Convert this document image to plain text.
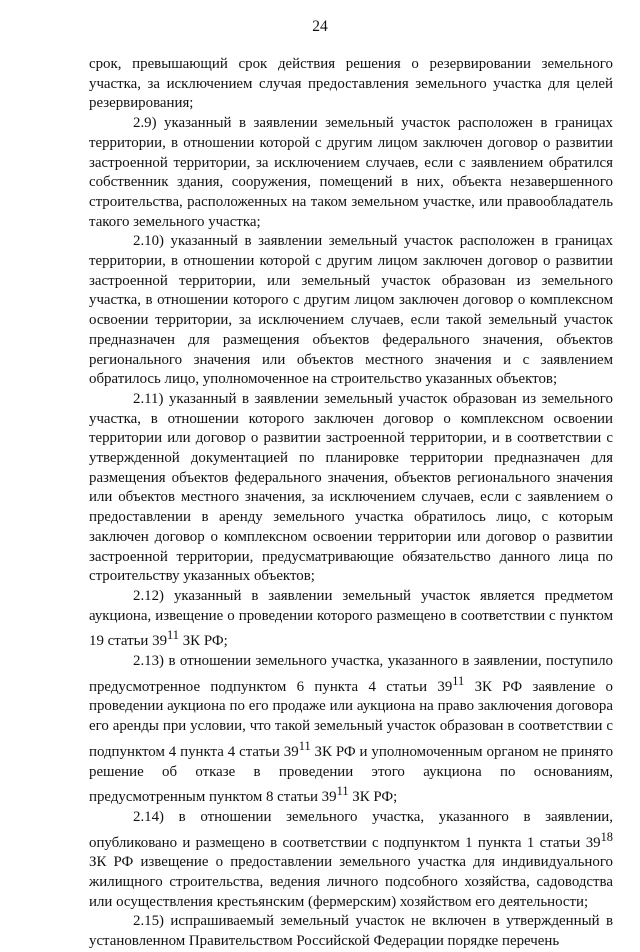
24

срок, превышающий срок действия решения о резервировании земельного участка, за исключением случая предоставления земельного участка для целей резервирования;

2.9) указанный в заявлении земельный участок расположен в границах территории, в отношении которой с другим лицом заключен договор о развитии застроенной территории, за исключением случаев, если с заявлением обратился собственник здания, сооружения, помещений в них, объекта незавершенного строительства, расположенных на таком земельном участке, или правообладатель такого земельного участка;

2.10) указанный в заявлении земельный участок расположен в границах территории, в отношении которой с другим лицом заключен договор о развитии застроенной территории, или земельный участок образован из земельного участка, в отношении которого с другим лицом заключен договор о комплексном освоении территории, за исключением случаев, если такой земельный участок предназначен для размещения объектов федерального значения, объектов регионального значения или объектов местного значения и с заявлением обратилось лицо, уполномоченное на строительство указанных объектов;

2.11) указанный в заявлении земельный участок образован из земельного участка, в отношении которого заключен договор о комплексном освоении территории или договор о развитии застроенной территории, и в соответствии с утвержденной документацией по планировке территории предназначен для размещения объектов федерального значения, объектов регионального значения или объектов местного значения, за исключением случаев, если с заявлением о предоставлении в аренду земельного участка обратилось лицо, с которым заключен договор о комплексном освоении территории или договор о развитии застроенной территории, предусматривающие обязательство данного лица по строительству указанных объектов;

2.12) указанный в заявлении земельный участок является предметом аукциона, извещение о проведении которого размещено в соответствии с пунктом 19 статьи $39^{11}$ ЗК РФ;

2.13) в отношении земельного участка, указанного в заявлении, поступило предусмотренное подпунктом 6 пункта 4 статьи $39^{11}$ ЗК РФ заявление о проведении аукциона по его продаже или аукциона на право заключения договора его аренды при условии, что такой земельный участок образован в соответствии с подпунктом 4 пункта 4 статьи $39^{11}$ ЗК РФ и уполномоченным органом не принято решение об отказе в проведении этого аукциона по основаниям, предусмотренным пунктом 8 статьи $39^{11}$ ЗК РФ;

2.14) в отношении земельного участка, указанного в заявлении, опубликовано и размещено в соответствии с подпунктом 1 пункта 1 статьи $39^{18}$ ЗК РФ извещение о предоставлении земельного участка для индивидуального жилищного строительства, ведения личного подсобного хозяйства, садоводства или осуществления крестьянским (фермерским) хозяйством его деятельности;

2.15) испрашиваемый земельный участок не включен в утвержденный в установленном Правительством Российской Федерации порядке перечень
